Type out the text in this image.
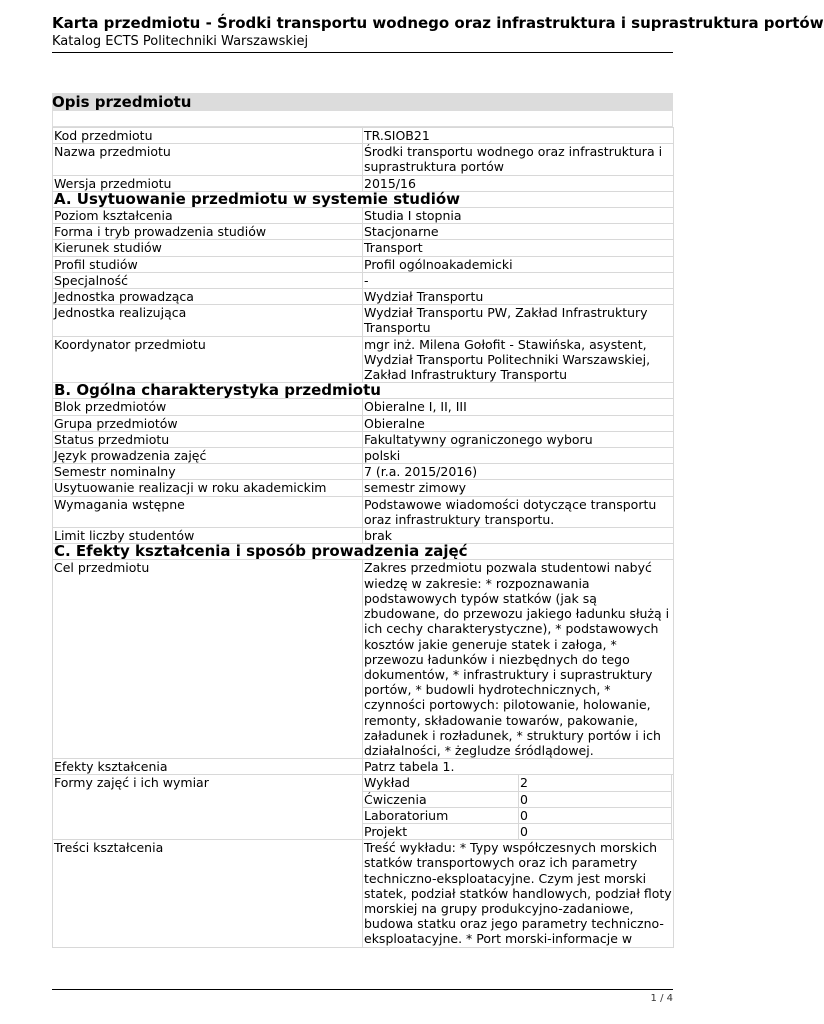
Karta przedmiotu - Środki transportu wodnego oraz infrastruktura i suprastruktura portów
Katalog ECTS Politechniki Warszawskiej
Opis przedmiotu
Kod przedmiotu	TR.SIOB21
Nazwa przedmiotu	Środki transportu wodnego oraz infrastruktura i suprastruktura portów
Wersja przedmiotu	2015/16
A. Usytuowanie przedmiotu w systemie studiów
Poziom kształcenia	Studia I stopnia
Forma i tryb prowadzenia studiów	Stacjonarne
Kierunek studiów	Transport
Profil studiów	Profil ogólnoakademicki
Specjalność	-
Jednostka prowadząca	Wydział Transportu
Jednostka realizująca	Wydział Transportu PW, Zakład Infrastruktury Transportu
Koordynator przedmiotu	mgr inż. Milena Gołofit - Stawińska, asystent, Wydział Transportu Politechniki Warszawskiej, Zakład Infrastruktury Transportu
B. Ogólna charakterystyka przedmiotu
Blok przedmiotów	Obieralne I, II, III
Grupa przedmiotów	Obieralne
Status przedmiotu	Fakultatywny ograniczonego wyboru
Język prowadzenia zajęć	polski
Semestr nominalny	7 (r.a. 2015/2016)
Usytuowanie realizacji w roku akademickim	semestr zimowy
Wymagania wstępne	Podstawowe wiadomości dotyczące transportu oraz infrastruktury transportu.
Limit liczby studentów	brak
C. Efekty kształcenia i sposób prowadzenia zajęć
Cel przedmiotu	Zakres przedmiotu pozwala studentowi nabyć wiedzę w zakresie: * rozpoznawania podstawowych typów statków (jak są zbudowane, do przewozu jakiego ładunku służą i ich cechy charakterystyczne), * podstawowych kosztów jakie generuje statek i załoga, * przewozu ładunków i niezbędnych do tego dokumentów, * infrastruktury i suprastruktury portów, * budowli hydrotechnicznych, * czynności portowych: pilotowanie, holowanie, remonty, składowanie towarów, pakowanie, załadunek i rozładunek, * struktury portów i ich działalności, * żegludze śródlądowej.
Efekty kształcenia	Patrz tabela 1.
Formy zajęć i ich wymiar		Wykład	2
Ćwiczenia	0
Laboratorium	0
Projekt	0

Treści kształcenia	Treść wykładu: * Typy współczesnych morskich statków transportowych oraz ich parametry techniczno-eksploatacyjne. Czym jest morski statek, podział statków handlowych, podział floty morskiej na grupy produkcyjno-zadaniowe, budowa statku oraz jego parametry techniczno-eksploatacyjne. * Port morski-informacje w
1 / 4
